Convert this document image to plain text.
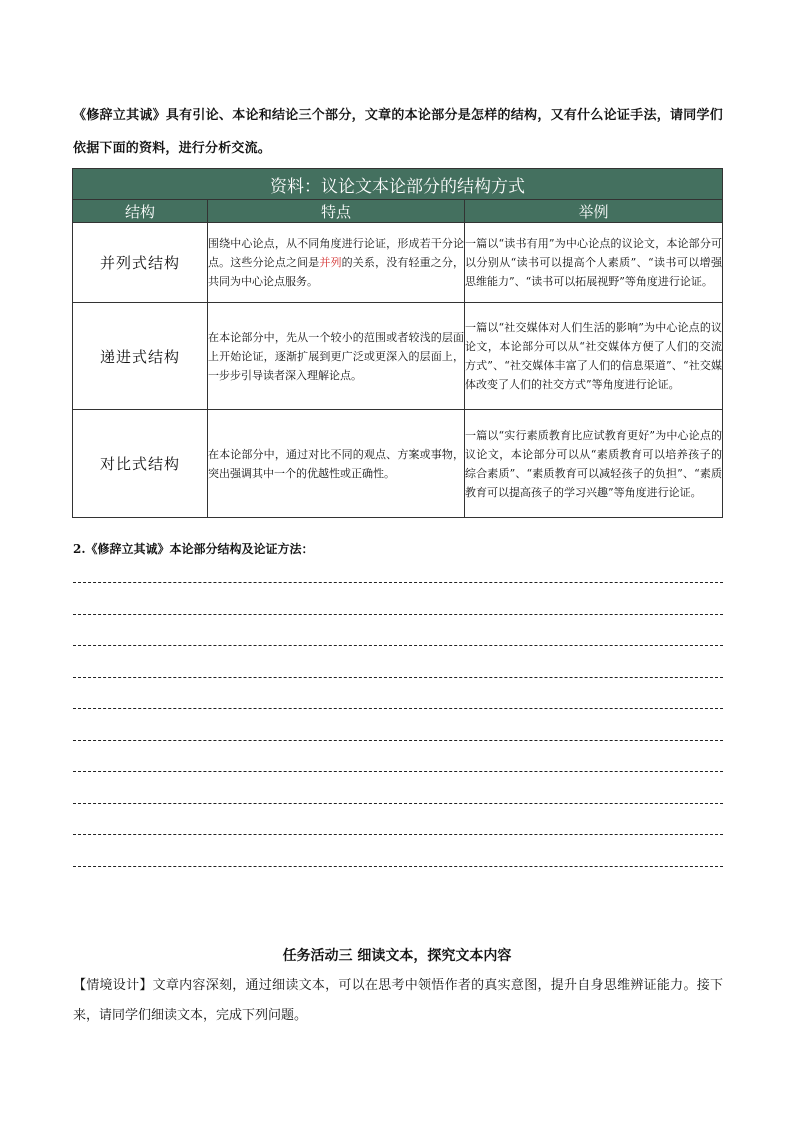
《修辞立其诚》具有引论、本论和结论三个部分，文章的本论部分是怎样的结构，又有什么论证手法，请同学们依据下面的资料，进行分析交流。

资料：议论文本论部分的结构方式		
结构	特点	举例
并列式结构	围绕中心论点，从不同角度进行论证，形成若干分论点。这些分论点之间是并列的关系，没有轻重之分，共同为中心论点服务。	一篇以“读书有用”为中心论点的议论文，本论部分可以分别从“读书可以提高个人素质”、“读书可以增强思维能力”、“读书可以拓展视野”等角度进行论证。
递进式结构	在本论部分中，先从一个较小的范围或者较浅的层面上开始论证，逐渐扩展到更广泛或更深入的层面上，一步步引导读者深入理解论点。	一篇以“社交媒体对人们生活的影响”为中心论点的议论文，本论部分可以从“社交媒体方便了人们的交流方式”、“社交媒体丰富了人们的信息渠道”、“社交媒体改变了人们的社交方式”等角度进行论证。
对比式结构	在本论部分中，通过对比不同的观点、方案或事物，突出强调其中一个的优越性或正确性。	一篇以“实行素质教育比应试教育更好”为中心论点的议论文，本论部分可以从“素质教育可以培养孩子的综合素质”、“素质教育可以减轻孩子的负担”、“素质教育可以提高孩子的学习兴趣”等角度进行论证。

2.《修辞立其诚》本论部分结构及论证方法：

任务活动三 细读文本，探究文本内容

【情境设计】文章内容深刻，通过细读文本，可以在思考中领悟作者的真实意图，提升自身思维辨证能力。接下来，请同学们细读文本，完成下列问题。
